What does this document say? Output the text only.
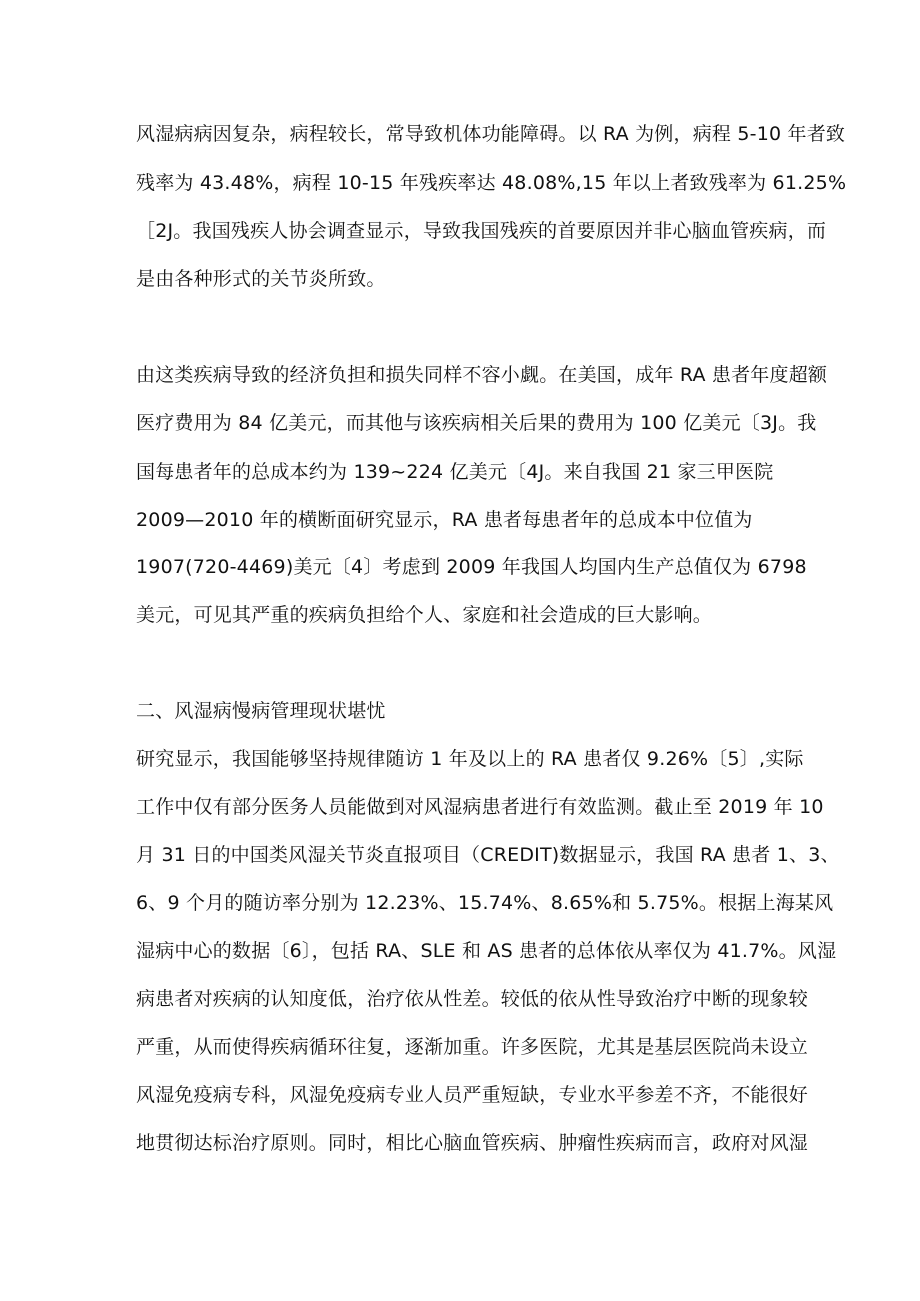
风湿病病因复杂，病程较长，常导致机体功能障碍。以 RA 为例，病程 5-10 年者致
残率为 43.48%，病程 10-15 年残疾率达 48.08%,15 年以上者致残率为 61.25%
［2J。我国残疾人协会调查显示，导致我国残疾的首要原因并非心脑血管疾病，而
是由各种形式的关节炎所致。
由这类疾病导致的经济负担和损失同样不容小觑。在美国，成年 RA 患者年度超额
医疗费用为 84 亿美元，而其他与该疾病相关后果的费用为 100 亿美元〔3J。我
国每患者年的总成本约为 139~224 亿美元〔4J。来自我国 21 家三甲医院
2009—2010 年的横断面研究显示，RA 患者每患者年的总成本中位值为
1907(720-4469)美元〔4〕考虑到 2009 年我国人均国内生产总值仅为 6798
美元，可见其严重的疾病负担给个人、家庭和社会造成的巨大影响。
二、风湿病慢病管理现状堪忧
研究显示，我国能够坚持规律随访 1 年及以上的 RA 患者仅 9.26%〔5〕,实际
工作中仅有部分医务人员能做到对风湿病患者进行有效监测。截止至 2019 年 10
月 31 日的中国类风湿关节炎直报项目（CREDIT)数据显示，我国 RA 患者 1、3、
6、9 个月的随访率分别为 12.23%、15.74%、8.65%和 5.75%。根据上海某风
湿病中心的数据〔6〕，包括 RA、SLE 和 AS 患者的总体依从率仅为 41.7%。风湿
病患者对疾病的认知度低，治疗依从性差。较低的依从性导致治疗中断的现象较
严重，从而使得疾病循环往复，逐渐加重。许多医院，尤其是基层医院尚未设立
风湿免疫病专科，风湿免疫病专业人员严重短缺，专业水平参差不齐，不能很好
地贯彻达标治疗原则。同时，相比心脑血管疾病、肿瘤性疾病而言，政府对风湿
